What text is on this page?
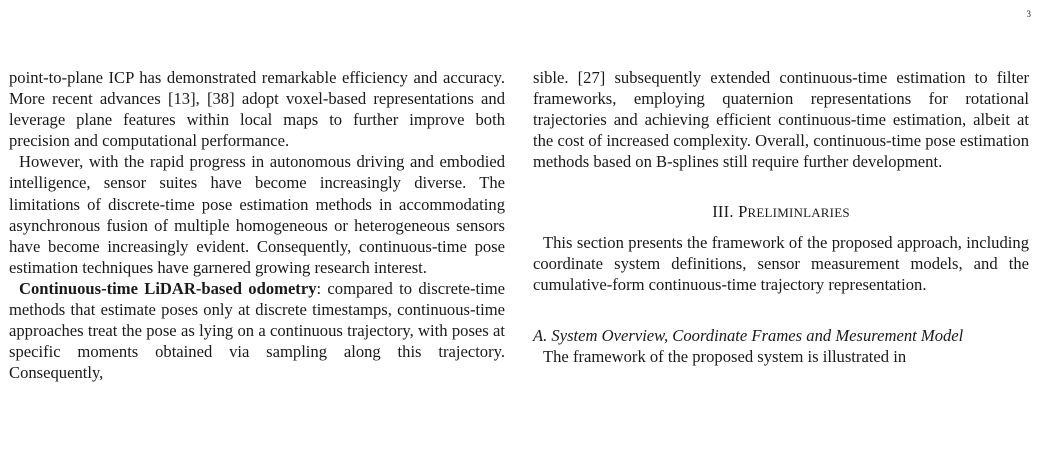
3

point-to-plane ICP has demonstrated remarkable efficiency and accuracy. More recent advances [13], [38] adopt voxel-based representations and leverage plane features within local maps to further improve both precision and computational performance.

However, with the rapid progress in autonomous driving and embodied intelligence, sensor suites have become increasingly diverse. The limitations of discrete-time pose estimation methods in accommodating asynchronous fusion of multiple homogeneous or heterogeneous sensors have become increasingly evident. Consequently, continuous-time pose estimation techniques have garnered growing research interest.

Continuous-time LiDAR-based odometry: compared to discrete-time methods that estimate poses only at discrete timestamps, continuous-time approaches treat the pose as lying on a continuous trajectory, with poses at specific moments obtained via sampling along this trajectory. Consequently,

sible. [27] subsequently extended continuous-time estimation to filter frameworks, employing quaternion representations for rotational trajectories and achieving efficient continuous-time estimation, albeit at the cost of increased complexity. Overall, continuous-time pose estimation methods based on B-splines still require further development.

III. PRELIMINLARIES

This section presents the framework of the proposed approach, including coordinate system definitions, sensor measurement models, and the cumulative-form continuous-time trajectory representation.

A. System Overview, Coordinate Frames and Mesurement Model

The framework of the proposed system is illustrated in
